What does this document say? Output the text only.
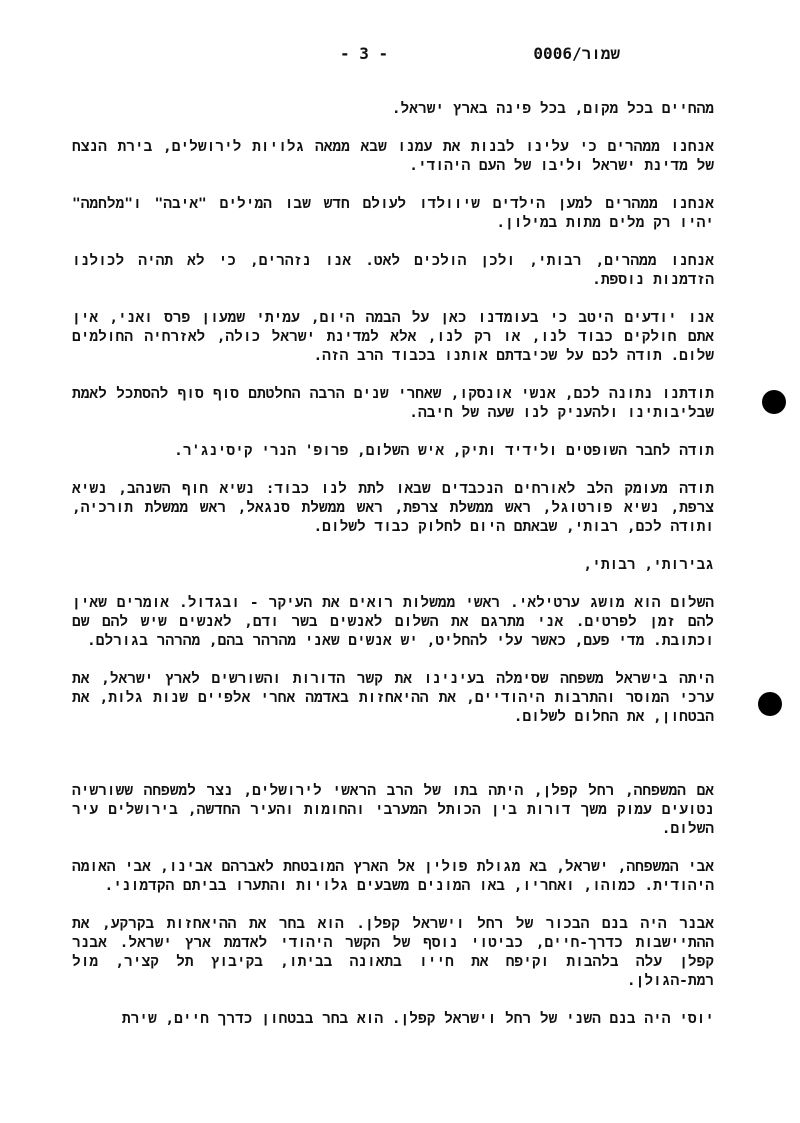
- 3 -	0006/שמור

מהחיים בכל מקום, בכל פינה בארץ ישראל.

אנחנו ממהרים כי עלינו לבנות את עמנו שבא ממאה גלויות לירושלים, בירת הנצח של מדינת ישראל וליבו של העם היהודי.

אנחנו ממהרים למען הילדים שיוולדו לעולם חדש שבו המילים "איבה" ו"מלחמה" יהיו רק מלים מתות במילון.

אנחנו ממהרים, רבותי, ולכן הולכים לאט. אנו נזהרים, כי לא תהיה לכולנו הזדמנות נוספת.

אנו יודעים היטב כי בעומדנו כאן על הבמה היום, עמיתי שמעון פרס ואני, אין אתם חולקים כבוד לנו, או רק לנו, אלא למדינת ישראל כולה, לאזרחיה החולמים שלום. תודה לכם על שכיבדתם אותנו בכבוד הרב הזה.

תודתנו נתונה לכם, אנשי אונסקו, שאחרי שנים הרבה החלטתם סוף סוף להסתכל לאמת שבליבותינו ולהעניק לנו שעה של חיבה.

תודה לחבר השופטים ולידיד ותיק, איש השלום, פרופ' הנרי קיסינג'ר.

תודה מעומק הלב לאורחים הנכבדים שבאו לתת לנו כבוד: נשיא חוף השנהב, נשיא צרפת, נשיא פורטוגל, ראש ממשלת צרפת, ראש ממשלת סנגאל, ראש ממשלת תורכיה, ותודה לכם, רבותי, שבאתם היום לחלוק כבוד לשלום.

גבירותי, רבותי,

השלום הוא מושג ערטילאי. ראשי ממשלות רואים את העיקר - ובגדול. אומרים שאין להם זמן לפרטים. אני מתרגם את השלום לאנשים בשר ודם, לאנשים שיש להם שם וכתובת. מדי פעם, כאשר עלי להחליט, יש אנשים שאני מהרהר בהם, מהרהר בגורלם.

היתה בישראל משפחה שסימלה בעינינו את קשר הדורות והשורשים לארץ ישראל, את ערכי המוסר והתרבות היהודיים, את ההיאחזות באדמה אחרי אלפיים שנות גלות, את הבטחון, את החלום לשלום.

אם המשפחה, רחל קפלן, היתה בתו של הרב הראשי לירושלים, נצר למשפחה ששורשיה נטועים עמוק משך דורות בין הכותל המערבי והחומות והעיר החדשה, בירושלים עיר השלום.

אבי המשפחה, ישראל, בא מגולת פולין אל הארץ המובטחת לאברהם אבינו, אבי האומה היהודית. כמוהו, ואחריו, באו המונים משבעים גלויות והתערו בביתם הקדמוני.

אבנר היה בנם הבכור של רחל וישראל קפלן. הוא בחר את ההיאחזות בקרקע, את ההתיישבות כדרך-חיים, כביטוי נוסף של הקשר היהודי לאדמת ארץ ישראל. אבנר קפלן עלה בלהבות וקיפח את חייו בתאונה בביתו, בקיבוץ תל קציר, מול רמת-הגולן.

יוסי היה בנם השני של רחל וישראל קפלן. הוא בחר בבטחון כדרך חיים, שירת
